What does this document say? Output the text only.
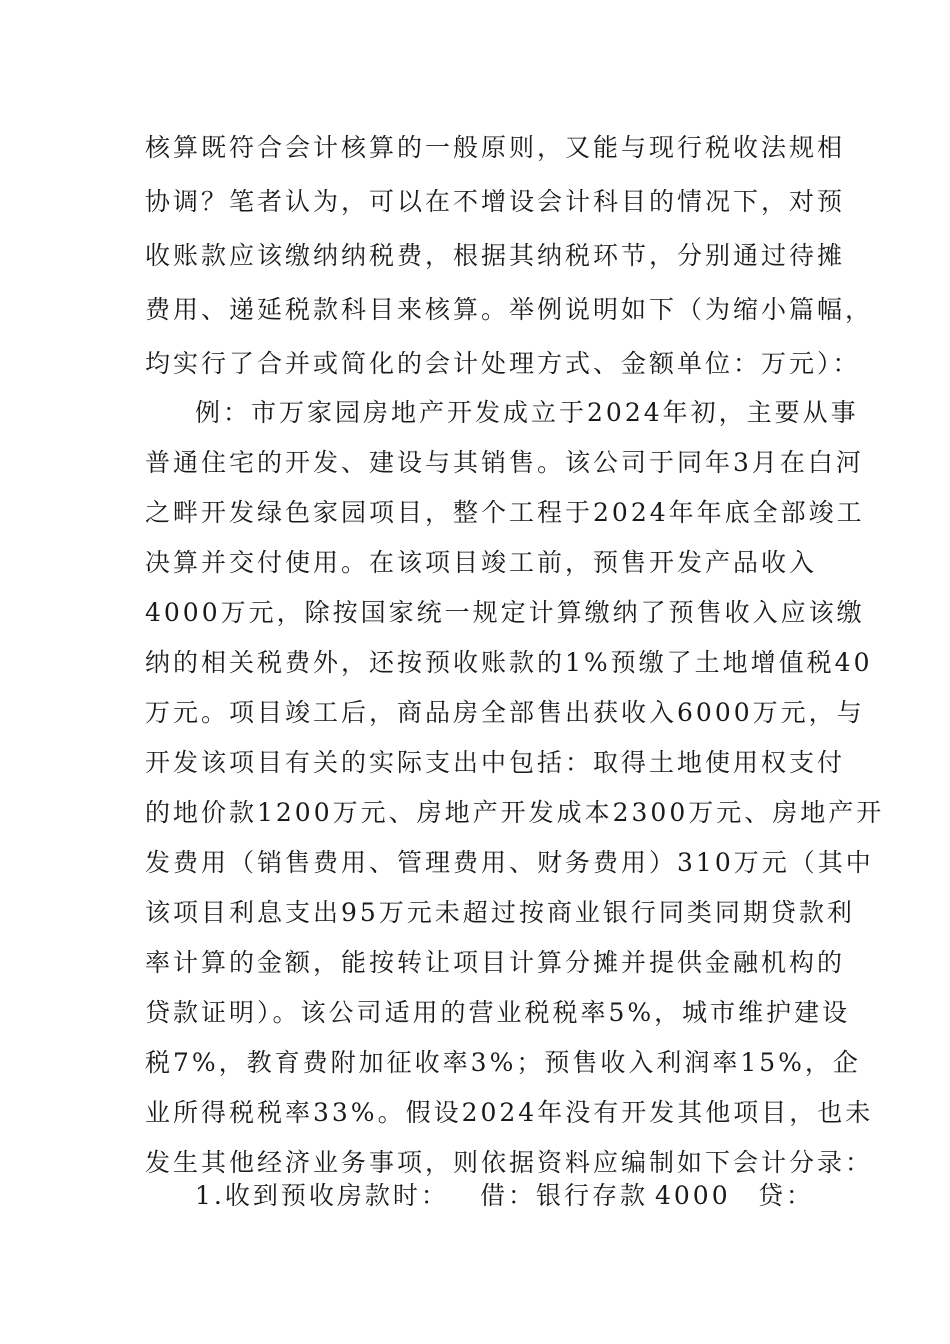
核算既符合会计核算的一般原则，又能与现行税收法规相
协调？笔者认为，可以在不增设会计科目的情况下，对预
收账款应该缴纳纳税费，根据其纳税环节，分别通过待摊
费用、递延税款科目来核算。举例说明如下（为缩小篇幅，
均实行了合并或简化的会计处理方式、金额单位：万元）：
例：市万家园房地产开发成立于2024年初，主要从事
普通住宅的开发、建设与其销售。该公司于同年3月在白河
之畔开发绿色家园项目，整个工程于2024年年底全部竣工
决算并交付使用。在该项目竣工前，预售开发产品收入
4000万元，除按国家统一规定计算缴纳了预售收入应该缴
纳的相关税费外，还按预收账款的1%预缴了土地增值税40
万元。项目竣工后，商品房全部售出获收入6000万元，与
开发该项目有关的实际支出中包括：取得土地使用权支付
的地价款1200万元、房地产开发成本2300万元、房地产开
发费用（销售费用、管理费用、财务费用）310万元（其中
该项目利息支出95万元未超过按商业银行同类同期贷款利
率计算的金额，能按转让项目计算分摊并提供金融机构的
贷款证明）。该公司适用的营业税税率5%，城市维护建设
税7%，教育费附加征收率3%；预售收入利润率15%，企
业所得税税率33%。假设2024年没有开发其他项目，也未
发生其他经济业务事项，则依据资料应编制如下会计分录：
1.收到预收房款时： 借：银行存款 4000 贷：
